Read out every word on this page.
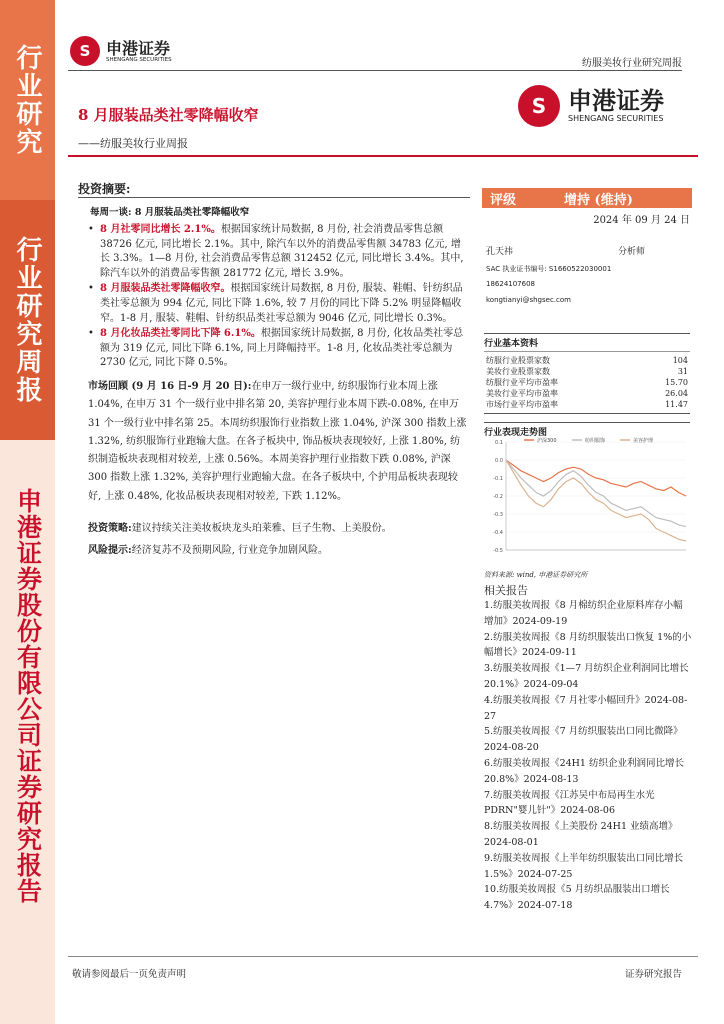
行业研究
行业研究周报
申港证券股份有限公司证券研究报告
S 申港证券
SHENGANG SECURITIES	纺服美妆行业研究周报
8 月服装品类社零降幅收窄
——纺服美妆行业周报
S 申港证券
SHENGANG SECURITIES
投资摘要:
每周一谈: 8 月服装品类社零降幅收窄
• 8 月社零同比增长 2.1%。根据国家统计局数据, 8 月份, 社会消费品零售总额 38726 亿元, 同比增长 2.1%。其中, 除汽车以外的消费品零售额 34783 亿元, 增长 3.3%。1—8 月份, 社会消费品零售总额 312452 亿元, 同比增长 3.4%。其中, 除汽车以外的消费品零售额 281772 亿元, 增长 3.9%。
• 8 月服装品类社零降幅收窄。根据国家统计局数据, 8 月份, 服装、鞋帽、针纺织品类社零总额为 994 亿元, 同比下降 1.6%, 较 7 月份的同比下降 5.2% 明显降幅收窄。1-8 月, 服装、鞋帽、针纺织品类社零总额为 9046 亿元, 同比增长 0.3%。
• 8 月化妆品类社零同比下降 6.1%。根据国家统计局数据, 8 月份, 化妆品类社零总额为 319 亿元, 同比下降 6.1%, 同上月降幅持平。1-8 月, 化妆品类社零总额为 2730 亿元, 同比下降 0.5%。
市场回顾 (9 月 16 日-9 月 20 日):在申万一级行业中, 纺织服饰行业本周上涨 1.04%, 在申万 31 个一级行业中排名第 20, 美容护理行业本周下跌-0.08%, 在申万 31 个一级行业中排名第 25。本周纺织服饰行业指数上涨 1.04%, 沪深 300 指数上涨 1.32%, 纺织服饰行业跑输大盘。在各子板块中, 饰品板块表现较好, 上涨 1.80%, 纺织制造板块表现相对较差, 上涨 0.56%。本周美容护理行业指数下跌 0.08%, 沪深 300 指数上涨 1.32%, 美容护理行业跑输大盘。在各子板块中, 个护用品板块表现较好, 上涨 0.48%, 化妆品板块表现相对较差, 下跌 1.12%。
投资策略:建议持续关注美妆板块龙头珀莱雅、巨子生物、上美股份。
风险提示:经济复苏不及预期风险, 行业竞争加剧风险。
评级	增持 (维持)
2024 年 09 月 24 日
孔天祎	分析师
SAC 执业证书编号: S1660522030001
18624107608
kongtianyi@shgsec.com
行业基本资料
纺服行业股票家数	104
美妆行业股票家数	31
纺服行业平均市盈率	15.70
美妆行业平均市盈率	26.04
市场行业平均市盈率	11.47
行业表现走势图
0.1
0.0
-0.1
-0.2
-0.3
-0.4
-0.5
沪深300	纺织服饰	美容护理
资料来源: wind, 申港证券研究所
相关报告
1.纺服美妆周报《8 月棉纺织企业原料库存小幅增加》2024-09-19
2.纺服美妆周报《8 月纺织服装出口恢复 1%的小幅增长》2024-09-11
3.纺服美妆周报《1—7 月纺织企业利润同比增长 20.1%》2024-09-04
4.纺服美妆周报《7 月社零小幅回升》2024-08-27
5.纺服美妆周报《7 月纺织服装出口同比微降》2024-08-20
6.纺服美妆周报《24H1 纺织企业利润同比增长 20.8%》2024-08-13
7.纺服美妆周报《江苏吴中布局再生水光 PDRN"婴儿针"》2024-08-06
8.纺服美妆周报《上美股份 24H1 业绩高增》2024-08-01
9.纺服美妆周报《上半年纺织服装出口同比增长 1.5%》2024-07-25
10.纺服美妆周报《5 月纺织品服装出口增长 4.7%》2024-07-18
敬请参阅最后一页免责声明	证券研究报告
